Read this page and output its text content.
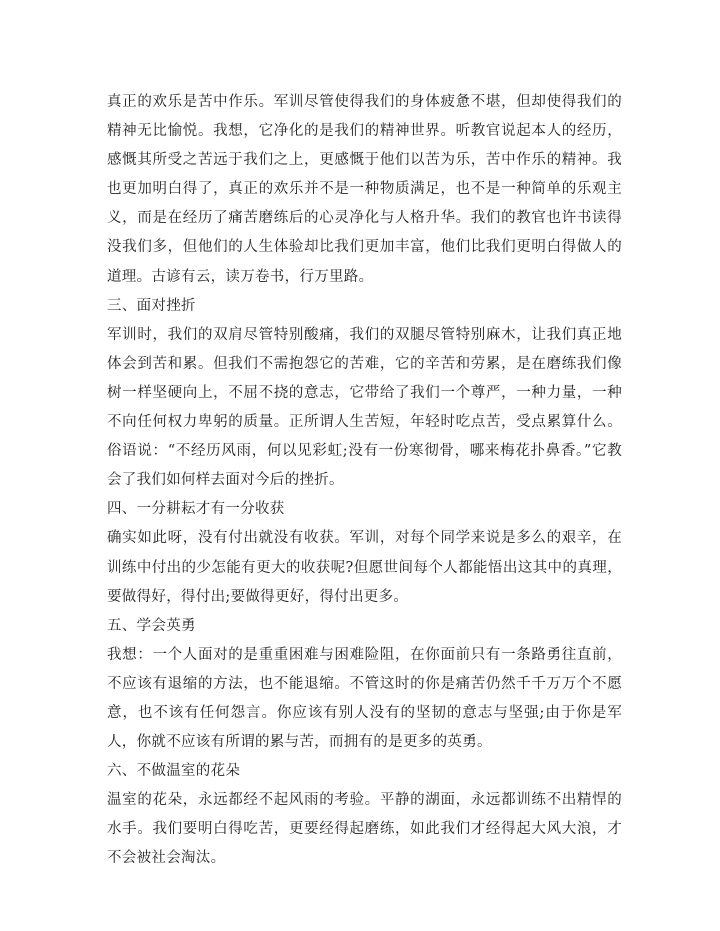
真正的欢乐是苦中作乐。军训尽管使得我们的身体疲惫不堪，但却使得我们的精神无比愉悦。我想，它净化的是我们的精神世界。听教官说起本人的经历，感慨其所受之苦远于我们之上，更感慨于他们以苦为乐，苦中作乐的精神。我也更加明白得了，真正的欢乐并不是一种物质满足，也不是一种简单的乐观主义，而是在经历了痛苦磨练后的心灵净化与人格升华。我们的教官也许书读得没我们多，但他们的人生体验却比我们更加丰富，他们比我们更明白得做人的道理。古谚有云，读万卷书，行万里路。

三、面对挫折

军训时，我们的双肩尽管特别酸痛，我们的双腿尽管特别麻木，让我们真正地体会到苦和累。但我们不需抱怨它的苦难，它的辛苦和劳累，是在磨练我们像树一样坚硬向上，不屈不挠的意志，它带给了我们一个尊严，一种力量，一种不向任何权力卑躬的质量。正所谓人生苦短，年轻时吃点苦，受点累算什么。俗语说：“不经历风雨，何以见彩虹;没有一份寒彻骨，哪来梅花扑鼻香。”它教会了我们如何样去面对今后的挫折。

四、一分耕耘才有一分收获

确实如此呀，没有付出就没有收获。军训，对每个同学来说是多么的艰辛，在训练中付出的少怎能有更大的收获呢?但愿世间每个人都能悟出这其中的真理，要做得好，得付出;要做得更好，得付出更多。

五、学会英勇

我想：一个人面对的是重重困难与困难险阻，在你面前只有一条路勇往直前，不应该有退缩的方法，也不能退缩。不管这时的你是痛苦仍然千千万万个不愿意，也不该有任何怨言。你应该有别人没有的坚韧的意志与坚强;由于你是军人，你就不应该有所谓的累与苦，而拥有的是更多的英勇。

六、不做温室的花朵

温室的花朵，永远都经不起风雨的考验。平静的湖面，永远都训练不出精悍的水手。我们要明白得吃苦，更要经得起磨练，如此我们才经得起大风大浪，才不会被社会淘汰。
